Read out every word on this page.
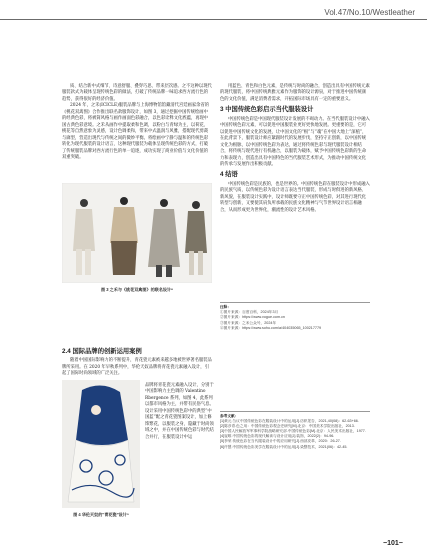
Vol.47/No.10/Westleather

质、结合新中式细节、诗意舒服、叠穿巧思、带来层次感。之不这种以现代服装款式为载体呈现传统色彩的做法，打破了传统品牌一味追求西方流行色的趋势，获得很好的经济价值。

2024 年，之禾(ICICLE)服装品牌与上海博物馆馆藏清代宫廷画家余省的《桃花双禽图》合作推出联名款服饰设计，如图 3，通过挖掘中国传统绘画中的经典色彩，将被简风格与画作画面色彩融合，以色彩诠释文化底蕴，再现中国古典色彩意境。之禾从画作中提取柔和色调，以粉白与青绿为主，以荷花、桃花等自然意象为灵感，设计色调柔和，带来中式温润与风雅，搭配现代剪裁与廓型，营造出现代与传统之间的微妙平衡。将绘画中宁静与温和的传统色彩转化为现代服装的设计语言，这种现代服装为载体呈现传统色彩的方式，打破了传统服装品牌对西方流行色的单一追逐，成功实现了商业价值与文化价值的双重突破。

图 3 之禾与《桃花双禽图》的联名设计⁸

2.4 国际品牌的创新运用案例

随着中国国际影响力的不断提升，青花瓷元素被来越多地被世界著名服装品牌所采用。在 2020 年早秋系列中，华伦天奴品牌将青花瓷元素融入设计，引起了国际时尚领域的广泛关注。

图 4 华伦天奴的“青花瓷”设计⁹
品牌将青花瓷元素融入设计，分别于中国影响力主色调的 Valentino Rbergence 系列，如图 4，此系列以都市风格为主，并带有民俗气息。设计采用中国传统色彩中的典型“中国蓝”配之青花瓷图案设计，加上修饰繁花，以服装之身，隐藏于时尚领域之中，并在中国传统色彩与时代结合并行，在服装设计中运

用蓝色、青色和白色元素，是传统与时尚的融合，创造出具有中国传统元素的现代服装，将中国传统典雅元素作为服饰的设计源泉，对于推进中国传统颜色的文化价值，满足消费者需求，开拓国际市场具有一定的重要意义。

3 中国传统色彩启示当代服装设计

中国传统色彩是中国现代服装设计发展的不竭动力。在当代服装设计中融入中国传统色彩元素，可以促进中国服装业更好更快地发展。更重要的是，它可以促进中国传统文化的发展，让中国文化的“根”与“魂”在中国大地上“深植”，在此背景下，服装设计师应紧跟时代的发展步伐，坚持守正创新，以中国传统文化为根脉，以中国传统色彩为表达，通过将传统色彩与现代服装设计相结合，将传统与现代进行有机融合，以服装为载体，赋予中国传统色彩新的生命力和表现力，创造出具有中国特色的当代服装艺术形式，为推动中国传统文化的传承与发展作出积极贡献。

4 结语

中国传统色彩是民族的，也是世界的。中国传统色彩在服装设计中形成融入的民族气质，以传统色彩为设计语言表达当代服装，形成与时俱进的新风格、新风貌，在服装设计实践中，设计师既要守正中国传统色彩，对其进行现代化转型与创新，又要使其肩负所承载的民族文化精神与气节世界设计语言相融合，从而形成更为世界化，潮流性的设计艺术风格。

注释：
①图片来源：百度百科，2024年3月
②图片来源：https://www.vogue.com.cn
③图片来源：之禾公众号，2024年
④图片来源：https://www.sohu.com/a/404035065_100217779
参考文献：
[1]黄元.刍议中国传统色彩在服装设计中的运用[J].纺织报告，2021,40(08)：62-63+66.
[2]陈彦青.色之用：中国传统色彩观念史研究[M].北京：中国美术学院出版社，2013.
[3]中国人民解放军军事科学院战略研究部.中国传统色彩[M].北京：人民美术出版社，1977.
[4]崔唯.中国传统色彩的现代解读与设计应用[J].装饰，2022(2)：94-96.
[5]李荣.传统色彩在当代服装设计中的应用研究[J].西部皮革，2020：26-27.
[6]许慧.中国传统色彩美学在服装设计中的运用[J].染整技术，2021(06)：42-45.
−101−
